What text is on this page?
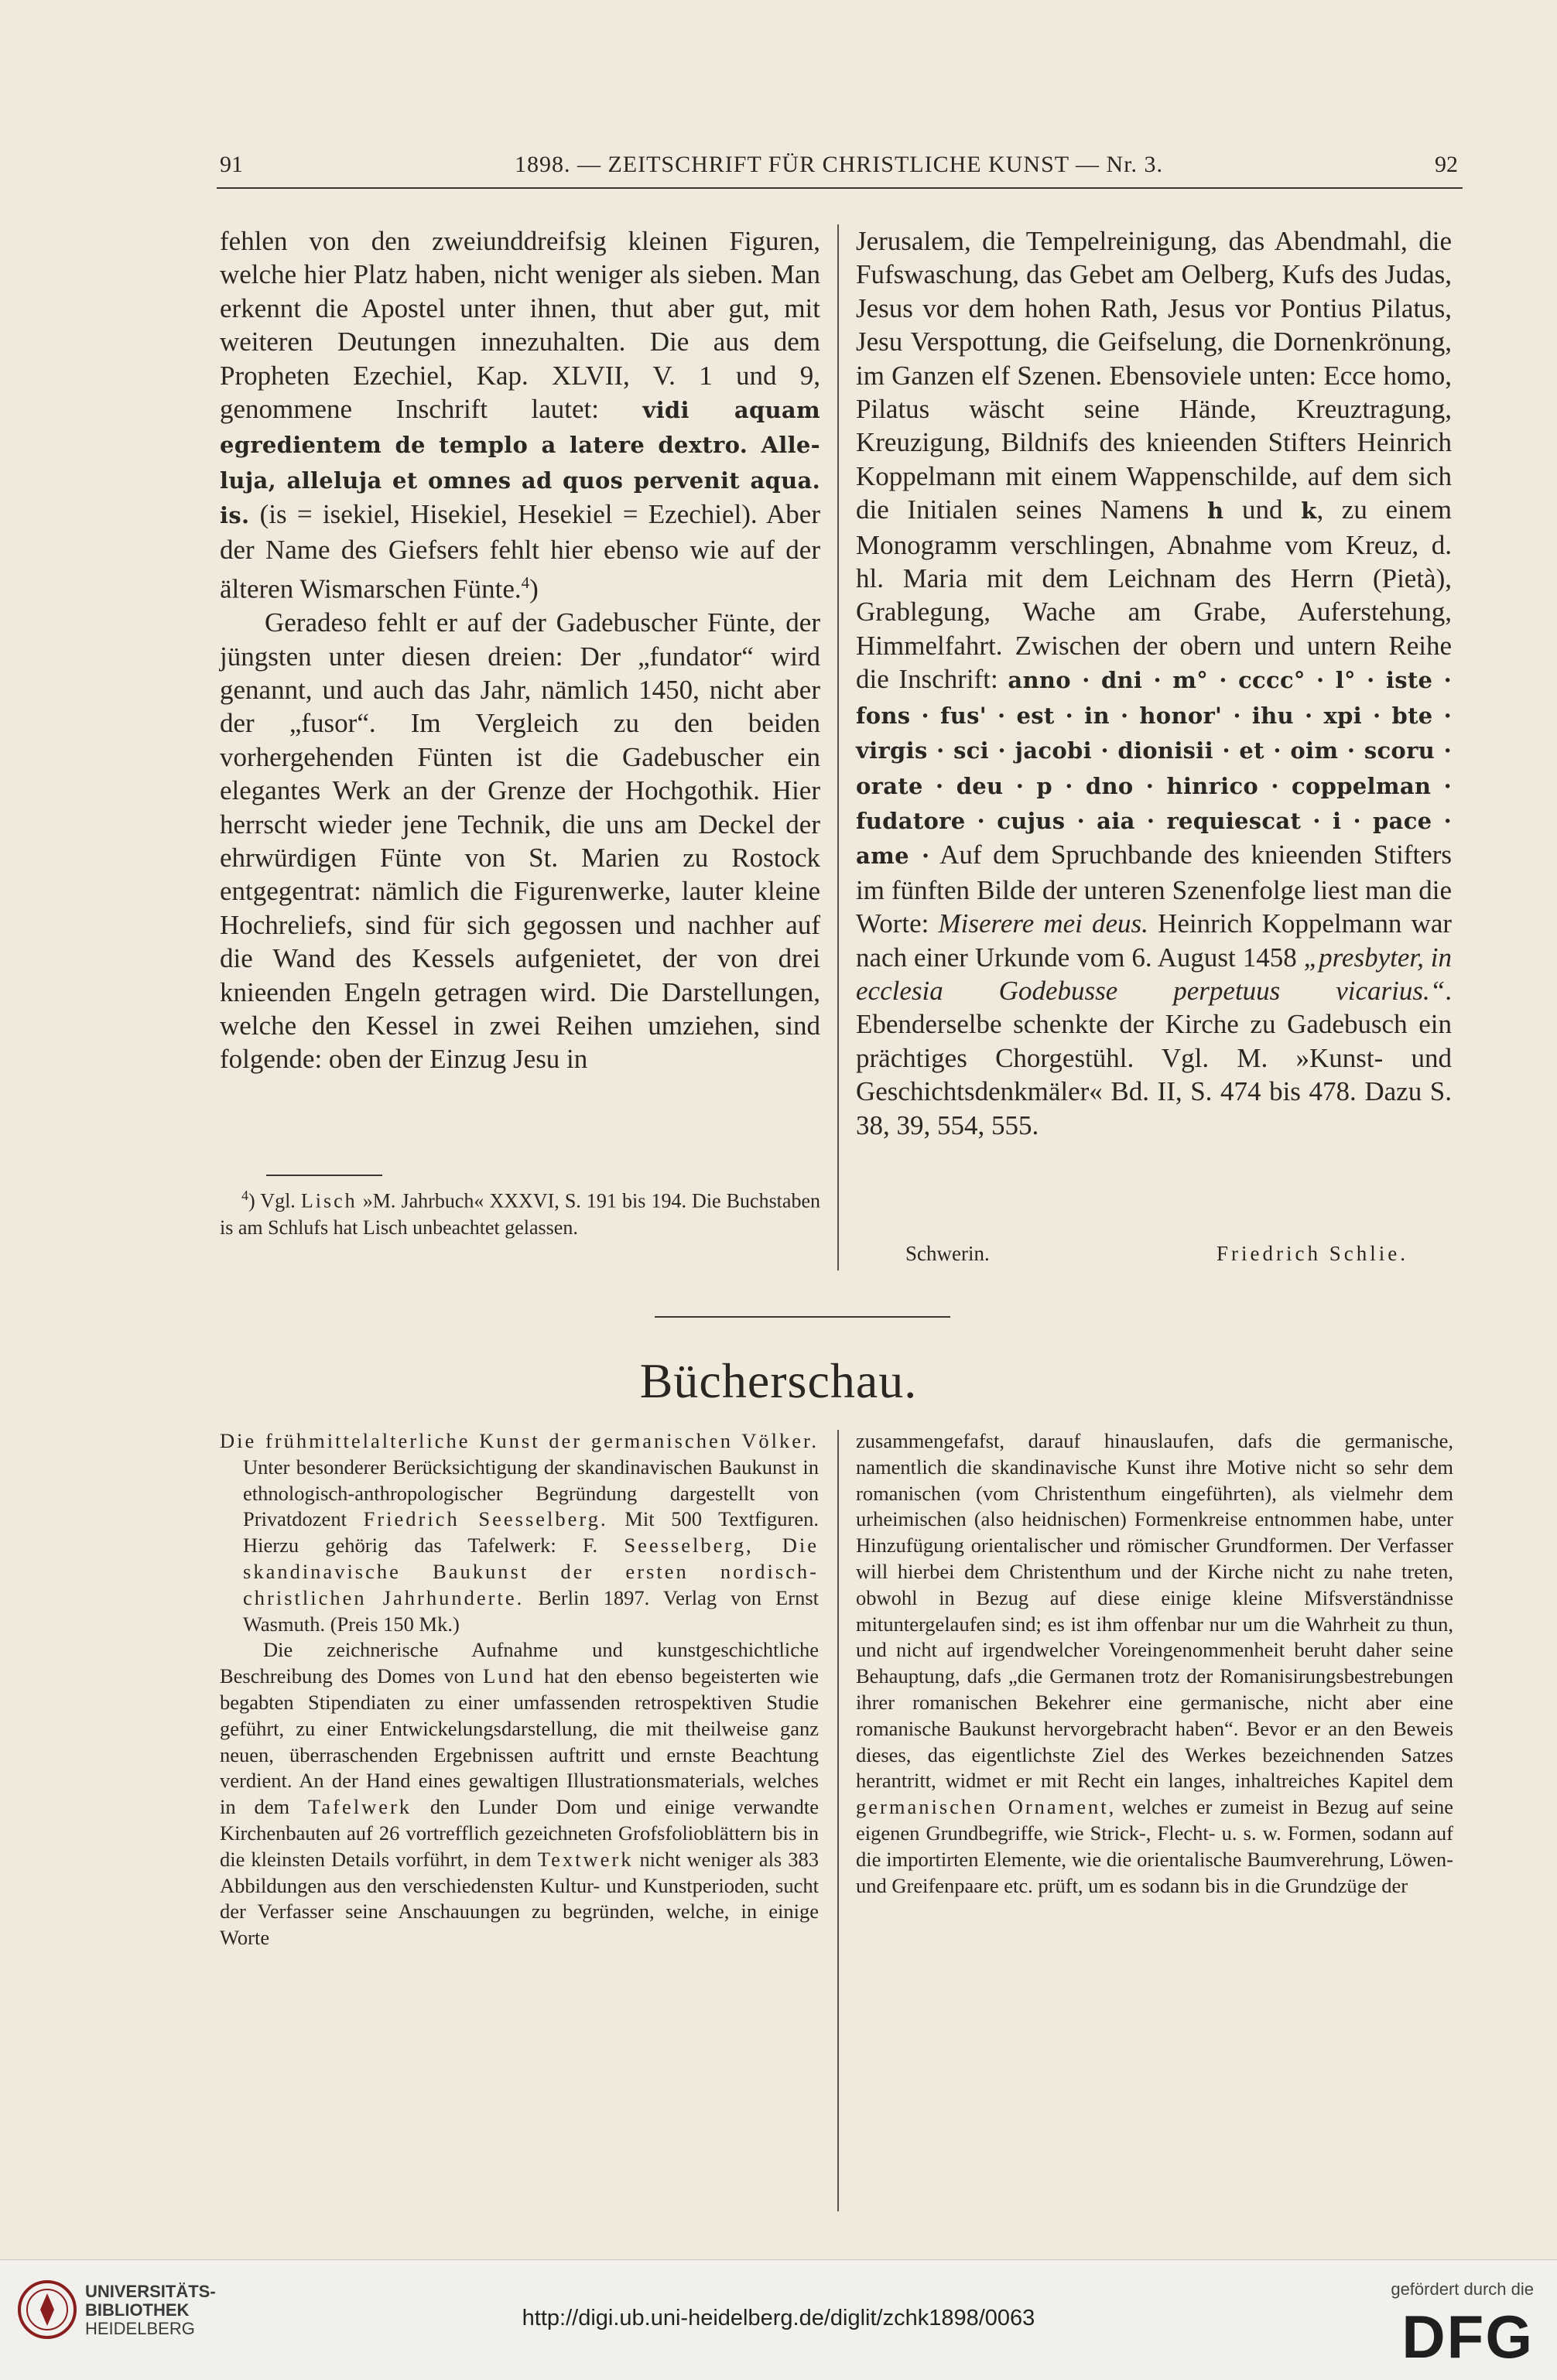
91	1898. — ZEITSCHRIFT FÜR CHRISTLICHE KUNST — Nr. 3.	92

fehlen von den zweiunddreifsig kleinen Figuren, welche hier Platz haben, nicht weniger als sieben. Man erkennt die Apostel unter ihnen, thut aber gut, mit weiteren Deutungen innezuhalten. Die aus dem Propheten Ezechiel, Kap. XLVII, V. 1 und 9, genommene Inschrift lautet: vidi aquam egredientem de templo a latere dextro. Alle-luja, alleluja et omnes ad quos pervenit aqua. is. (is = isekiel, Hisekiel, Hesekiel = Ezechiel). Aber der Name des Giefsers fehlt hier ebenso wie auf der älteren Wismarschen Fünte.$^4$)

Geradeso fehlt er auf der Gadebuscher Fünte, der jüngsten unter diesen dreien: Der „fundator“ wird genannt, und auch das Jahr, nämlich 1450, nicht aber der „fusor“. Im Vergleich zu den beiden vorhergehenden Fünten ist die Gadebuscher ein elegantes Werk an der Grenze der Hochgothik. Hier herrscht wieder jene Technik, die uns am Deckel der ehrwürdigen Fünte von St. Marien zu Rostock entgegentrat: nämlich die Figurenwerke, lauter kleine Hochreliefs, sind für sich gegossen und nachher auf die Wand des Kessels aufgenietet, der von drei knieenden Engeln getragen wird. Die Darstellungen, welche den Kessel in zwei Reihen umziehen, sind folgende: oben der Einzug Jesu in

$^4$) Vgl. Lisch »M. Jahrbuch« XXXVI, S. 191 bis 194. Die Buchstaben is am Schlufs hat Lisch unbeachtet gelassen.

Jerusalem, die Tempelreinigung, das Abendmahl, die Fufswaschung, das Gebet am Oelberg, Kufs des Judas, Jesus vor dem hohen Rath, Jesus vor Pontius Pilatus, Jesu Verspottung, die Geifselung, die Dornenkrönung, im Ganzen elf Szenen. Ebensoviele unten: Ecce homo, Pilatus wäscht seine Hände, Kreuztragung, Kreuzigung, Bildnifs des knieenden Stifters Heinrich Koppelmann mit einem Wappenschilde, auf dem sich die Initialen seines Namens h und k, zu einem Monogramm verschlingen, Abnahme vom Kreuz, d. hl. Maria mit dem Leichnam des Herrn (Pietà), Grablegung, Wache am Grabe, Auferstehung, Himmelfahrt. Zwischen der obern und untern Reihe die Inschrift: anno · dni · m° · cccc° · l° · iste · fons · fus' · est · in · honor' · ihu · xpi · bte · virgis · sci · jacobi · dionisii · et · oim · scoru · orate · deu · p · dno · hinrico · coppelman · fudatore · cujus · aia · requiescat · i · pace · ame · Auf dem Spruchbande des knieenden Stifters im fünften Bilde der unteren Szenenfolge liest man die Worte: Miserere mei deus. Heinrich Koppelmann war nach einer Urkunde vom 6. August 1458 „presbyter, in ecclesia Godebusse perpetuus vicarius.“. Ebenderselbe schenkte der Kirche zu Gadebusch ein prächtiges Chorgestühl. Vgl. M. »Kunst- und Geschichtsdenkmäler« Bd. II, S. 474 bis 478. Dazu S. 38, 39, 554, 555.

Schwerin.	Friedrich Schlie.
Bücherschau.

Die frühmittelalterliche Kunst der germanischen Völker. Unter besonderer Berücksichtigung der skandinavischen Baukunst in ethnologisch-anthropologischer Begründung dargestellt von Privatdozent Friedrich Seesselberg. Mit 500 Textfiguren. Hierzu gehörig das Tafelwerk: F. Seesselberg, Die skandinavische Baukunst der ersten nordisch-christlichen Jahrhunderte. Berlin 1897. Verlag von Ernst Wasmuth. (Preis 150 Mk.)

Die zeichnerische Aufnahme und kunstgeschichtliche Beschreibung des Domes von Lund hat den ebenso begeisterten wie begabten Stipendiaten zu einer umfassenden retrospektiven Studie geführt, zu einer Entwickelungsdarstellung, die mit theilweise ganz neuen, überraschenden Ergebnissen auftritt und ernste Beachtung verdient. An der Hand eines gewaltigen Illustrationsmaterials, welches in dem Tafelwerk den Lunder Dom und einige verwandte Kirchenbauten auf 26 vortrefflich gezeichneten Grofsfolioblättern bis in die kleinsten Details vorführt, in dem Textwerk nicht weniger als 383 Abbildungen aus den verschiedensten Kultur- und Kunstperioden, sucht der Verfasser seine Anschauungen zu begründen, welche, in einige Worte

zusammengefafst, darauf hinauslaufen, dafs die germanische, namentlich die skandinavische Kunst ihre Motive nicht so sehr dem romanischen (vom Christenthum eingeführten), als vielmehr dem urheimischen (also heidnischen) Formenkreise entnommen habe, unter Hinzufügung orientalischer und römischer Grundformen. Der Verfasser will hierbei dem Christenthum und der Kirche nicht zu nahe treten, obwohl in Bezug auf diese einige kleine Mifsverständnisse mituntergelaufen sind; es ist ihm offenbar nur um die Wahrheit zu thun, und nicht auf irgendwelcher Voreingenommenheit beruht daher seine Behauptung, dafs „die Germanen trotz der Romanisirungsbestrebungen ihrer romanischen Bekehrer eine germanische, nicht aber eine romanische Baukunst hervorgebracht haben“. Bevor er an den Beweis dieses, das eigentlichste Ziel des Werkes bezeichnenden Satzes herantritt, widmet er mit Recht ein langes, inhaltreiches Kapitel dem germanischen Ornament, welches er zumeist in Bezug auf seine eigenen Grundbegriffe, wie Strick-, Flecht- u. s. w. Formen, sodann auf die importirten Elemente, wie die orientalische Baumverehrung, Löwen- und Greifenpaare etc. prüft, um es sodann bis in die Grundzüge der

UNIVERSITÄTS-
BIBLIOTHEK
HEIDELBERG	http://digi.ub.uni-heidelberg.de/diglit/zchk1898/0063
gefördert durch die
DFG
